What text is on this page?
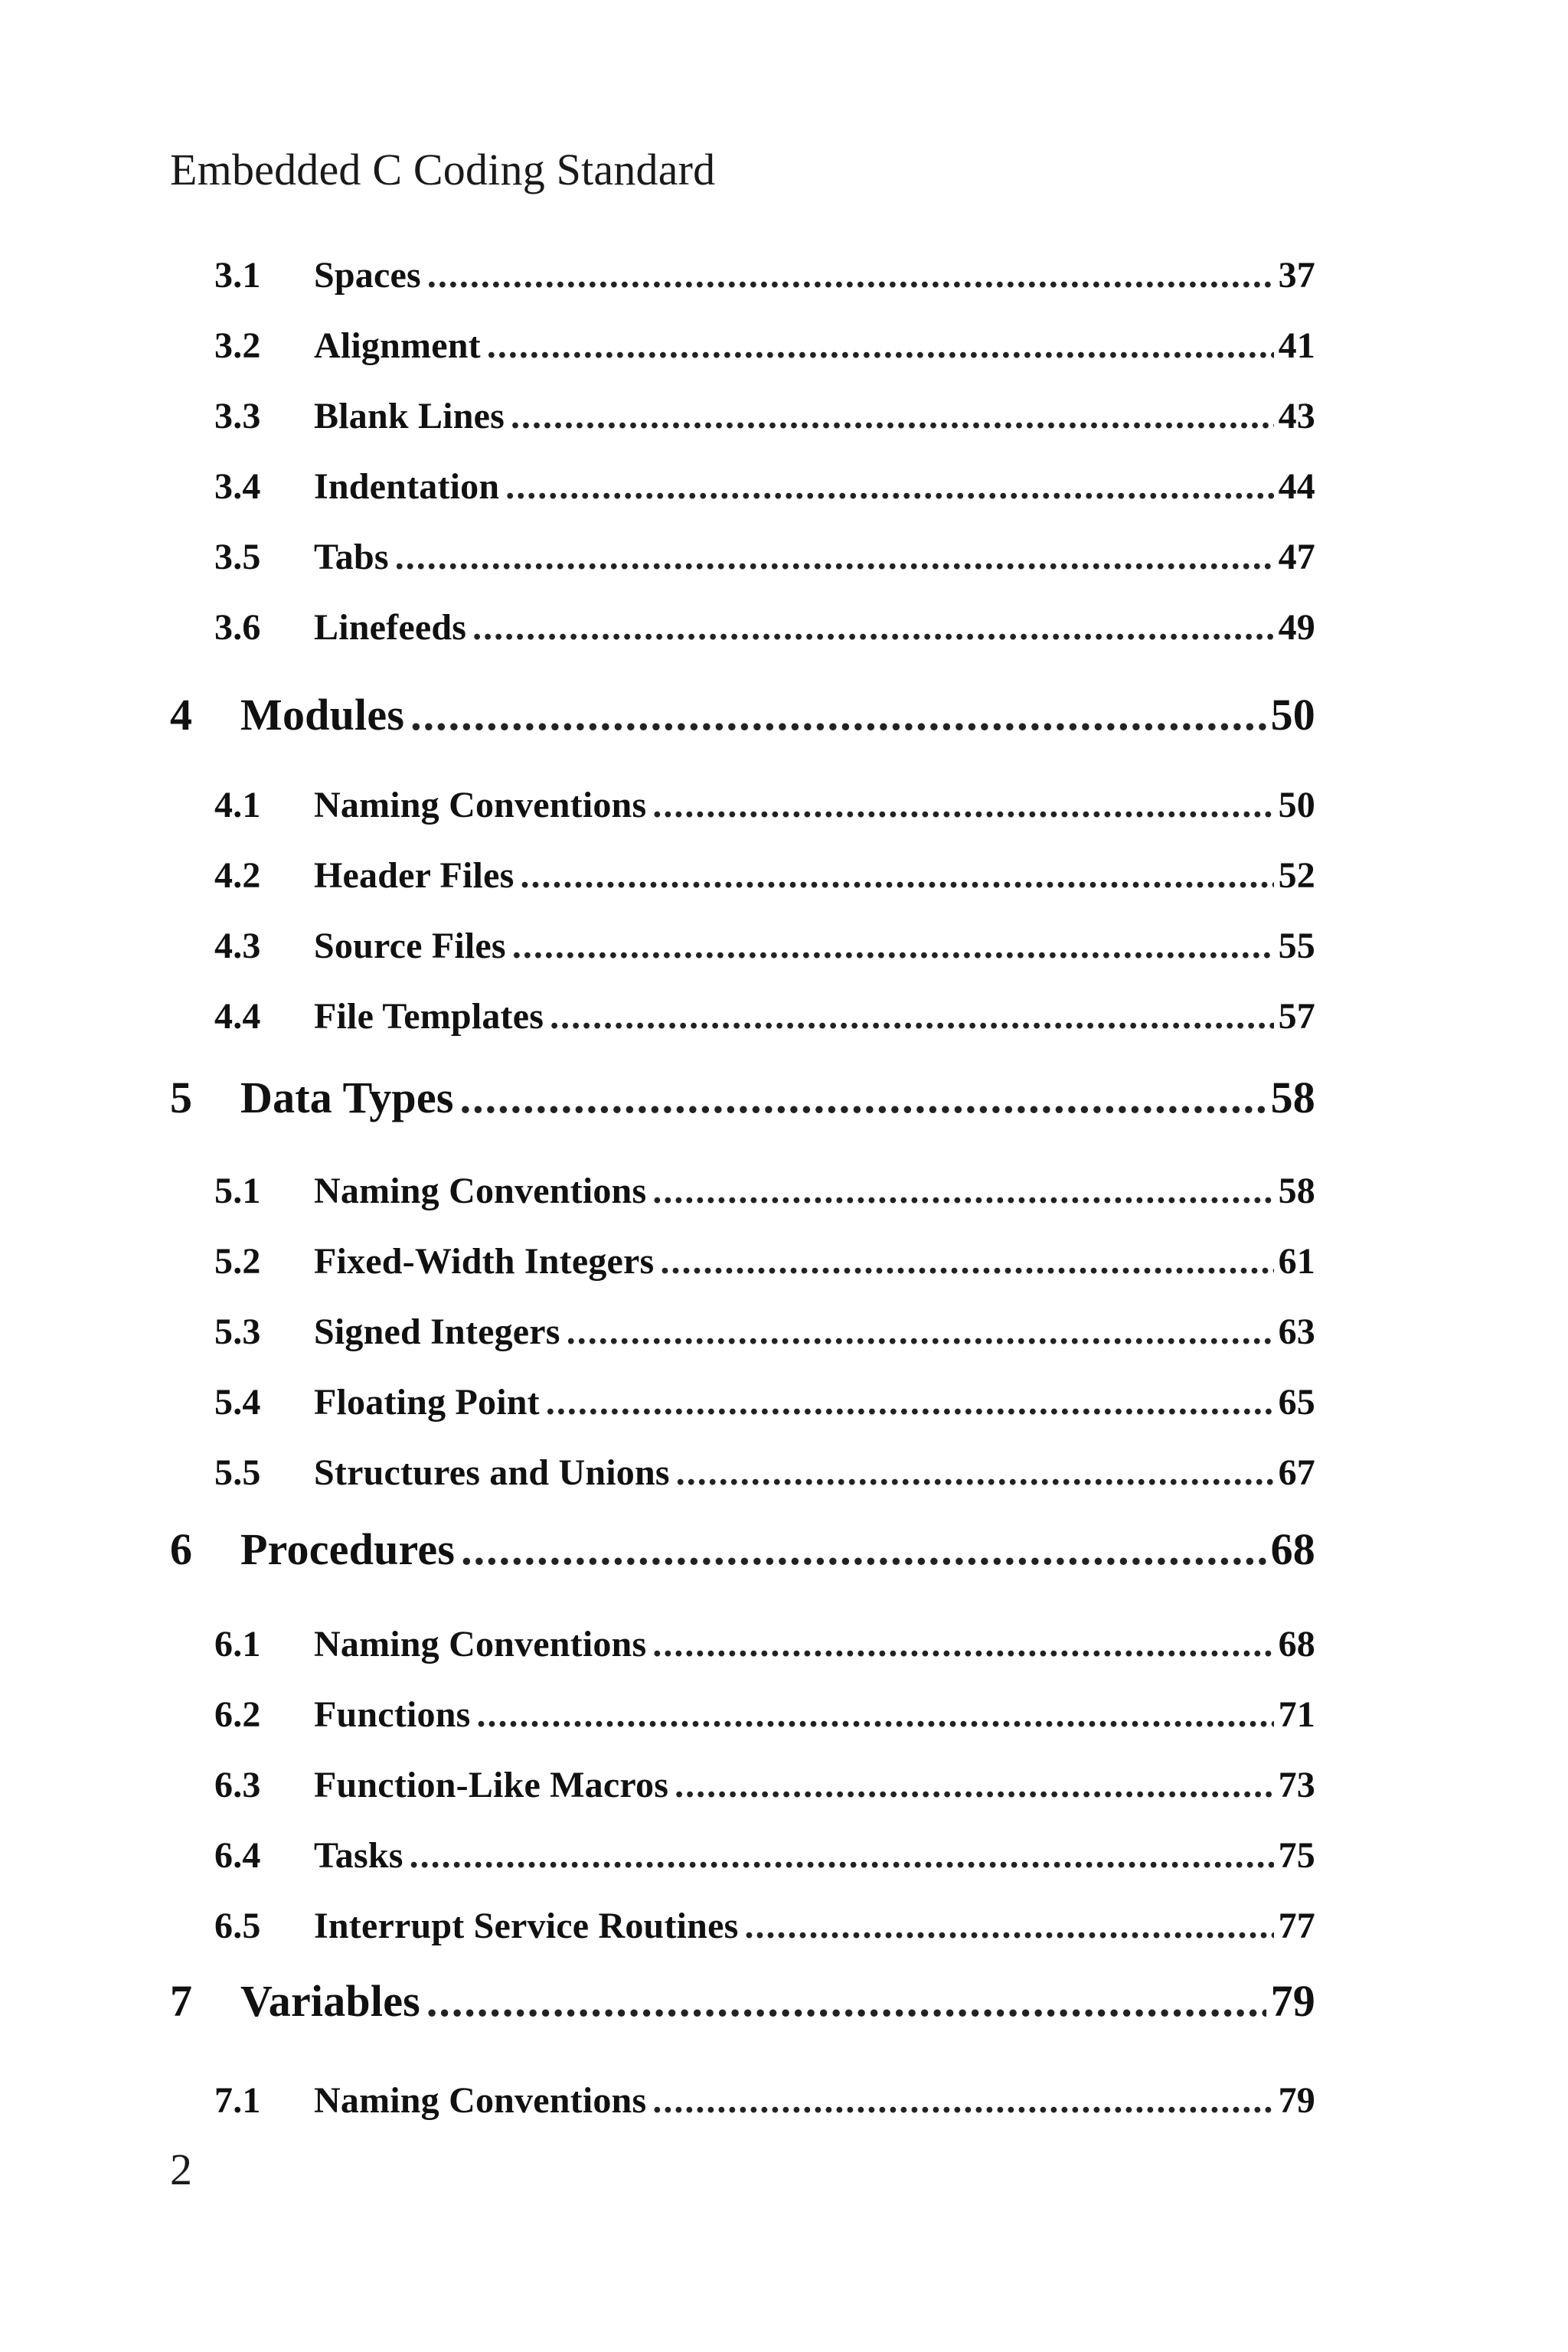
Embedded C Coding Standard
3.1	Spaces .....	37
3.2	Alignment .....	41
3.3	Blank Lines .....	43
3.4	Indentation .....	44
3.5	Tabs .....	47
3.6	Linefeeds .....	49
4	Modules .....	50
4.1	Naming Conventions .....	50
4.2	Header Files .....	52
4.3	Source Files .....	55
4.4	File Templates .....	57
5	Data Types .....	58
5.1	Naming Conventions .....	58
5.2	Fixed-Width Integers .....	61
5.3	Signed Integers .....	63
5.4	Floating Point .....	65
5.5	Structures and Unions .....	67
6	Procedures .....	68
6.1	Naming Conventions .....	68
6.2	Functions .....	71
6.3	Function-Like Macros .....	73
6.4	Tasks .....	75
6.5	Interrupt Service Routines .....	77
7	Variables .....	79
7.1	Naming Conventions .....	79
2
